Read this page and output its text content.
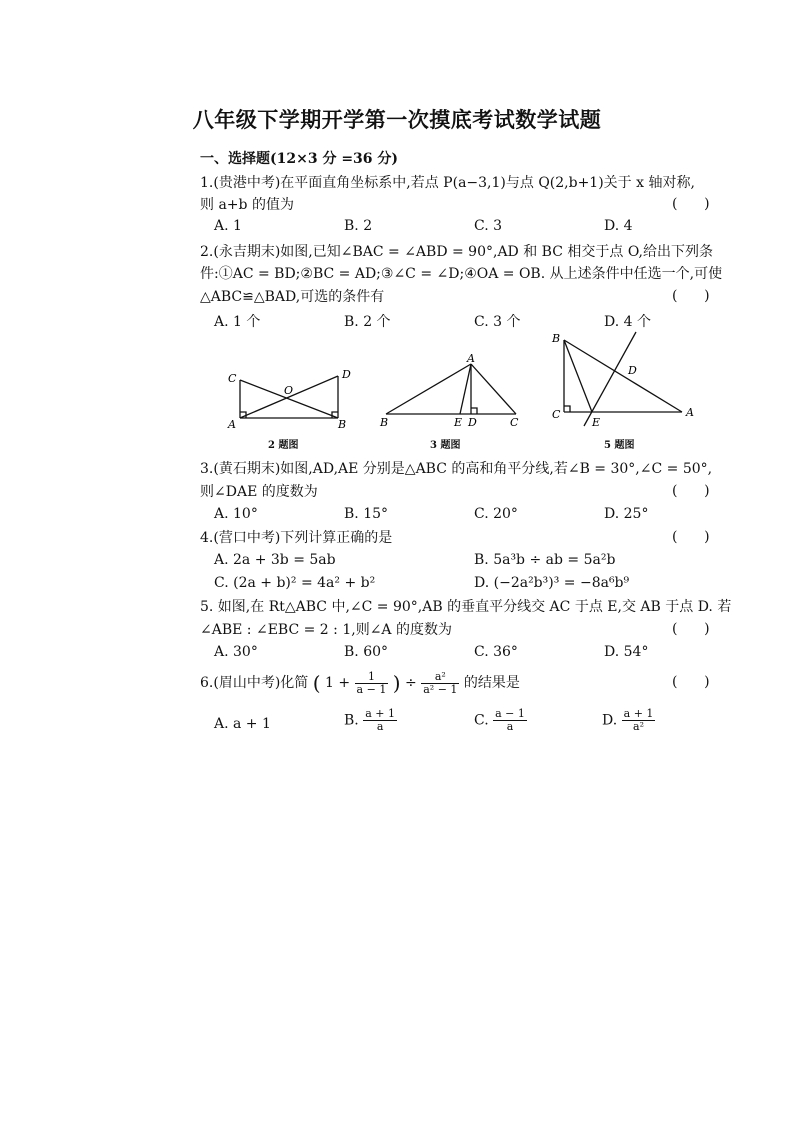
八年级下学期开学第一次摸底考试数学试题
一、选择题(12×3 分 =36 分)
1.(贵港中考)在平面直角坐标系中,若点 P(a−3,1)与点 Q(2,b+1)关于 x 轴对称,
则 a+b 的值为	(      )
A. 1	B. 2	C. 3	D. 4
2.(永吉期末)如图,已知∠BAC = ∠ABD = 90°,AD 和 BC 相交于点 O,给出下列条
件:①AC = BD;②BC = AD;③∠C = ∠D;④OA = OB. 从上述条件中任选一个,可使
△ABC≌△BAD,可选的条件有	(      )
A. 1 个	B. 2 个	C. 3 个	D. 4 个
C	D
O
A	B
2 题图
A
B	E D	C
3 题图
B
D
C
E
A
5 题图
3.(黄石期末)如图,AD,AE 分别是△ABC 的高和角平分线,若∠B = 30°,∠C = 50°,
则∠DAE 的度数为	(      )
A. 10°	B. 15°	C. 20°	D. 25°
4.(营口中考)下列计算正确的是	(      )
A. 2a + 3b = 5ab	B. 5a³b ÷ ab = 5a²b
C. (2a + b)² = 4a² + b²	D. (−2a²b³)³ = −8a⁶b⁹
5. 如图,在 Rt△ABC 中,∠C = 90°,AB 的垂直平分线交 AC 于点 E,交 AB 于点 D. 若
∠ABE : ∠EBC = 2 : 1,则∠A 的度数为	(      )
A. 30°	B. 60°	C. 36°	D. 54°
6.(眉山中考)化简 ( $1 + \frac{1}{a - 1}$ ) ÷ $\frac{\text{a²}}{\text{a² − 1}}$ 的结果是	(      )
A. a + 1	B. $\frac{a + 1}{a}$	C. $\frac{a - 1}{a}$	D. $\frac{a + 1}{\text{a²}}$
